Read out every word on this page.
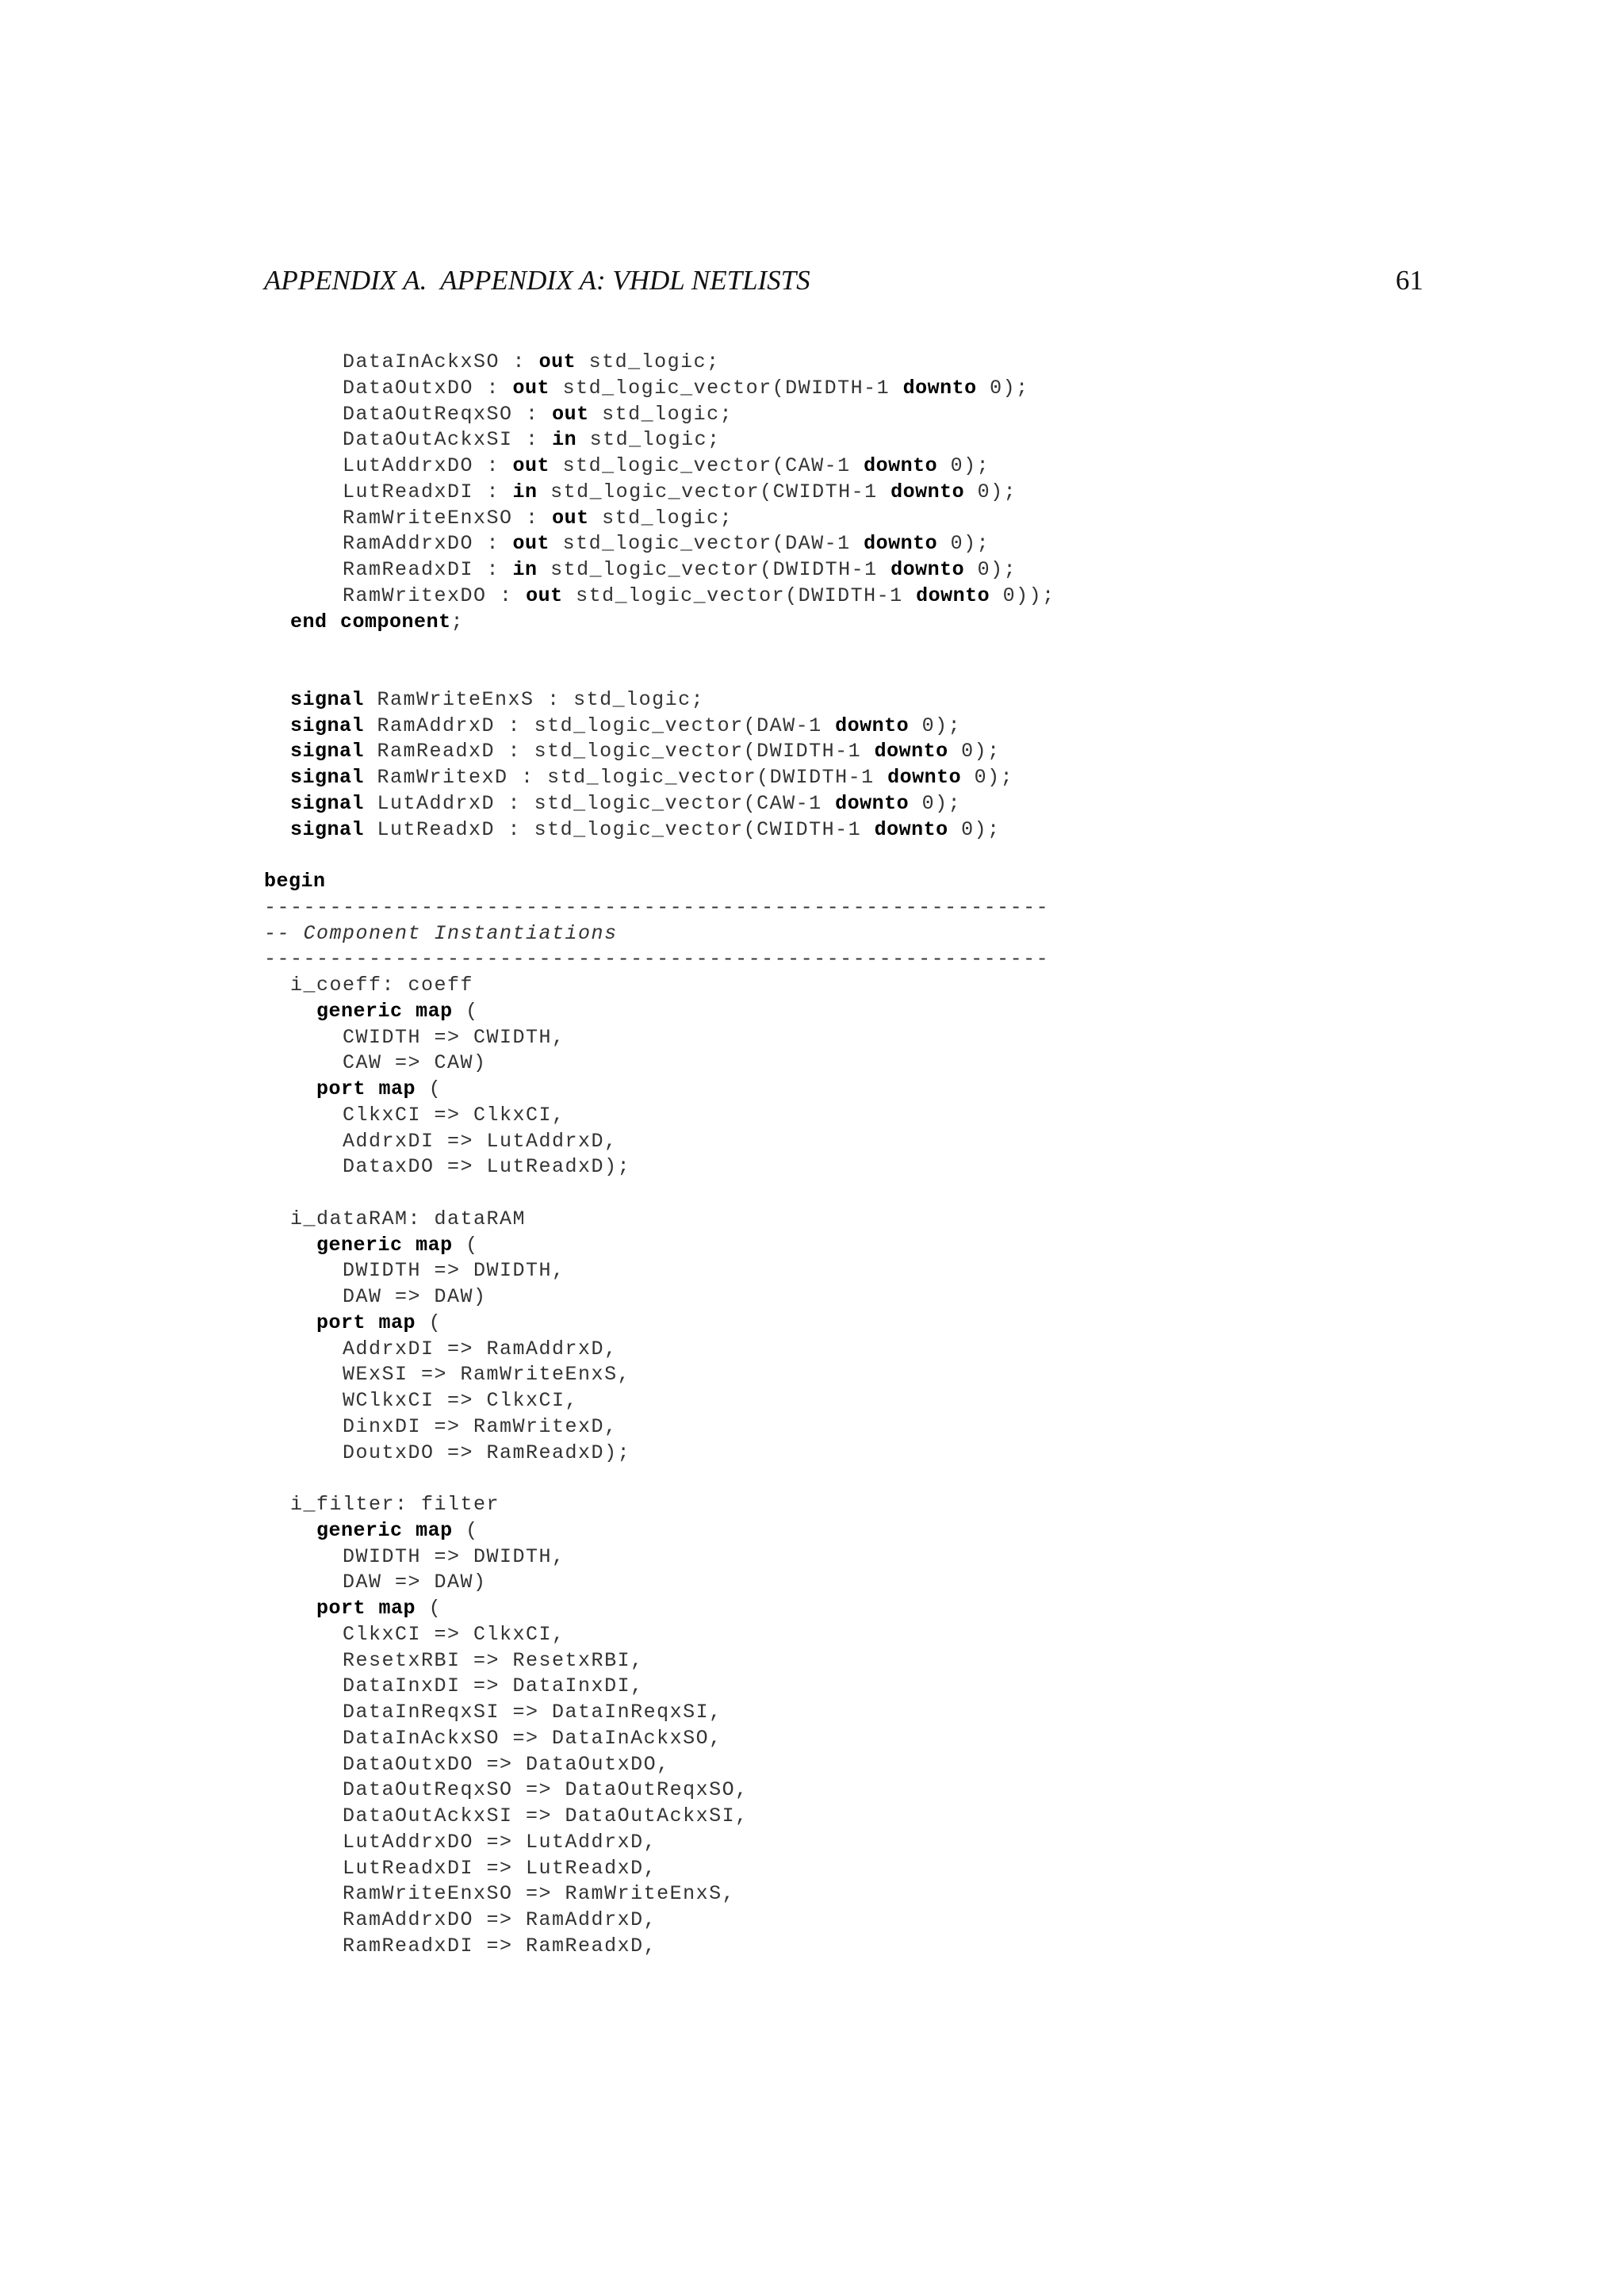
APPENDIX A.  APPENDIX A: VHDL NETLISTS	61
DataInAckxSO : out std_logic;
DataOutxDO : out std_logic_vector(DWIDTH-1 downto 0);
DataOutReqxSO : out std_logic;
DataOutAckxSI : in std_logic;
LutAddrxDO : out std_logic_vector(CAW-1 downto 0);
LutReadxDI : in std_logic_vector(CWIDTH-1 downto 0);
RamWriteEnxSO : out std_logic;
RamAddrxDO : out std_logic_vector(DAW-1 downto 0);
RamReadxDI : in std_logic_vector(DWIDTH-1 downto 0);
RamWritexDO : out std_logic_vector(DWIDTH-1 downto 0));
end component;
signal RamWriteEnxS : std_logic;
signal RamAddrxD : std_logic_vector(DAW-1 downto 0);
signal RamReadxD : std_logic_vector(DWIDTH-1 downto 0);
signal RamWritexD : std_logic_vector(DWIDTH-1 downto 0);
signal LutAddrxD : std_logic_vector(CAW-1 downto 0);
signal LutReadxD : std_logic_vector(CWIDTH-1 downto 0);
begin
------------------------------------------------------------
-- Component Instantiations
------------------------------------------------------------
i_coeff: coeff
generic map (
CWIDTH => CWIDTH,
CAW => CAW)
port map (
ClkxCI => ClkxCI,
AddrxDI => LutAddrxD,
DataxDO => LutReadxD);
i_dataRAM: dataRAM
generic map (
DWIDTH => DWIDTH,
DAW => DAW)
port map (
AddrxDI => RamAddrxD,
WExSI => RamWriteEnxS,
WClkxCI => ClkxCI,
DinxDI => RamWritexD,
DoutxDO => RamReadxD);
i_filter: filter
generic map (
DWIDTH => DWIDTH,
DAW => DAW)
port map (
ClkxCI => ClkxCI,
ResetxRBI => ResetxRBI,
DataInxDI => DataInxDI,
DataInReqxSI => DataInReqxSI,
DataInAckxSO => DataInAckxSO,
DataOutxDO => DataOutxDO,
DataOutReqxSO => DataOutReqxSO,
DataOutAckxSI => DataOutAckxSI,
LutAddrxDO => LutAddrxD,
LutReadxDI => LutReadxD,
RamWriteEnxSO => RamWriteEnxS,
RamAddrxDO => RamAddrxD,
RamReadxDI => RamReadxD,
